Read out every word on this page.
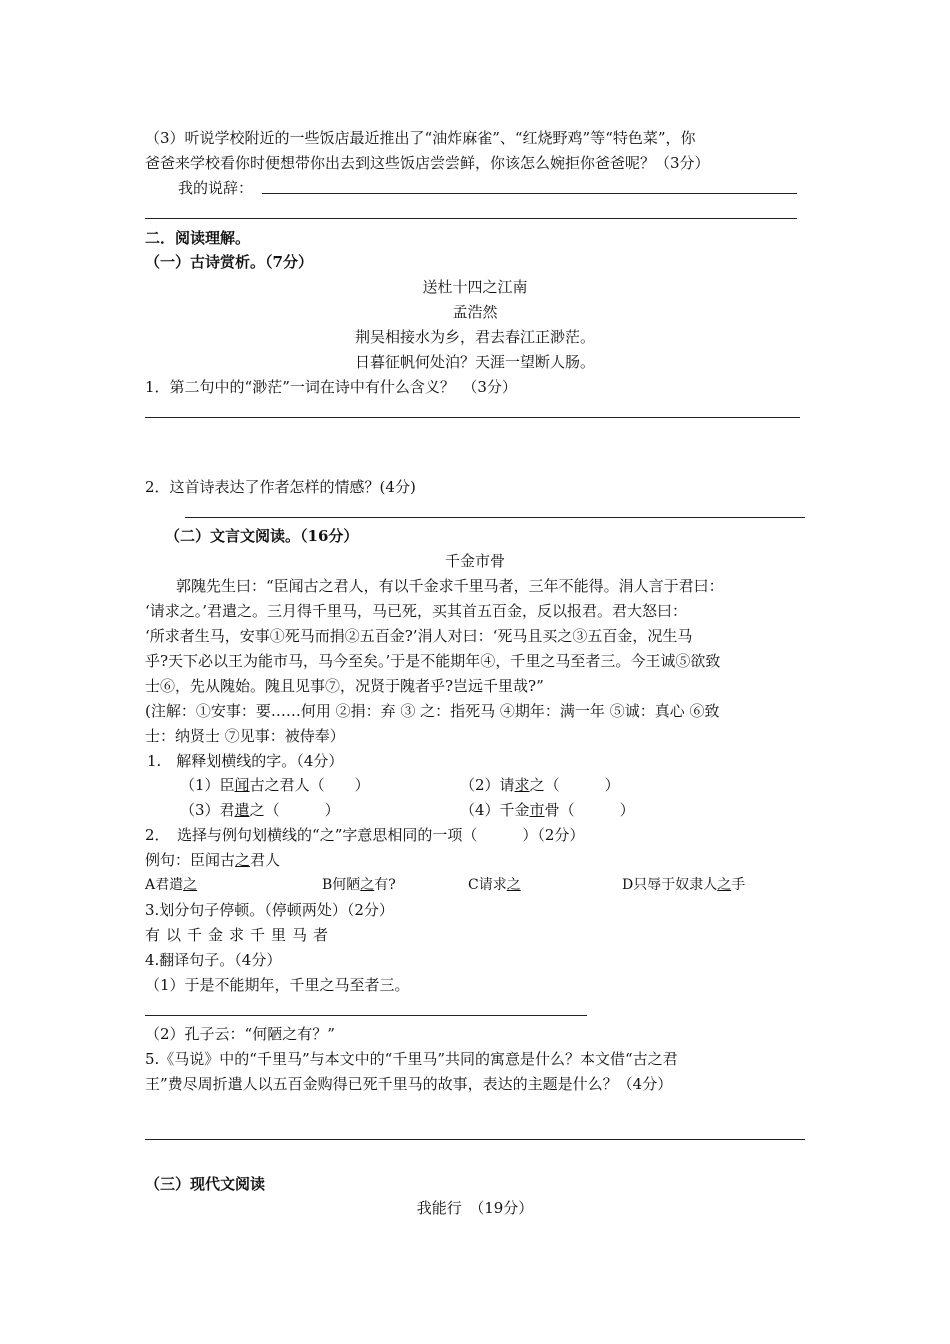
（3）听说学校附近的一些饭店最近推出了“油炸麻雀”、“红烧野鸡”等“特色菜”，你
爸爸来学校看你时便想带你出去到这些饭店尝尝鲜，你该怎么婉拒你爸爸呢？（3分）
我的说辞：
二．阅读理解。
（一）古诗赏析。（7分）
送杜十四之江南
孟浩然
荆吴相接水为乡，君去春江正渺茫。
日暮征帆何处泊？天涯一望断人肠。
1．第二句中的“渺茫”一词在诗中有什么含义？　（3分）
2．这首诗表达了作者怎样的情感？(4分)
（二）文言文阅读。（16分）
千金市骨
郭隗先生曰：“臣闻古之君人，有以千金求千里马者，三年不能得。涓人言于君曰：
‘请求之。’君遣之。三月得千里马，马已死，买其首五百金，反以报君。君大怒曰：
‘所求者生马，安事①死马而捐②五百金?’涓人对曰：‘死马且买之③五百金，况生马
乎?天下必以王为能市马，马今至矣。’于是不能期年④，千里之马至者三。今王诚⑤欲致
士⑥，先从隗始。隗且见事⑦，况贤于隗者乎?岂远千里哉?”
(注解：①安事：要……何用 ②捐：弃 ③ 之：指死马 ④期年：满一年 ⑤诚：真心 ⑥致
士：纳贤士 ⑦见事：被侍奉）
1.　解释划横线的字。（4分）
（1）臣闻古之君人（　　）	（2）请求之（　　　）
（3）君遣之（　　　）	（4）千金市骨（　　　）
2．　选择与例句划横线的“之”字意思相同的一项（　　　）（2分）
例句：臣闻古之君人
A君遣之	B何陋之有?	C请求之	D只辱于奴隶人之手
3.划分句子停顿。（停顿两处）（2分）
有以千金求千里马者
4.翻译句子。（4分）
（1）于是不能期年，千里之马至者三。
（2）孔子云：“何陋之有？”
5.《马说》中的“千里马”与本文中的“千里马”共同的寓意是什么？本文借“古之君
王”费尽周折遣人以五百金购得已死千里马的故事，表达的主题是什么？（4分）
（三）现代文阅读
我能行　（19分）
